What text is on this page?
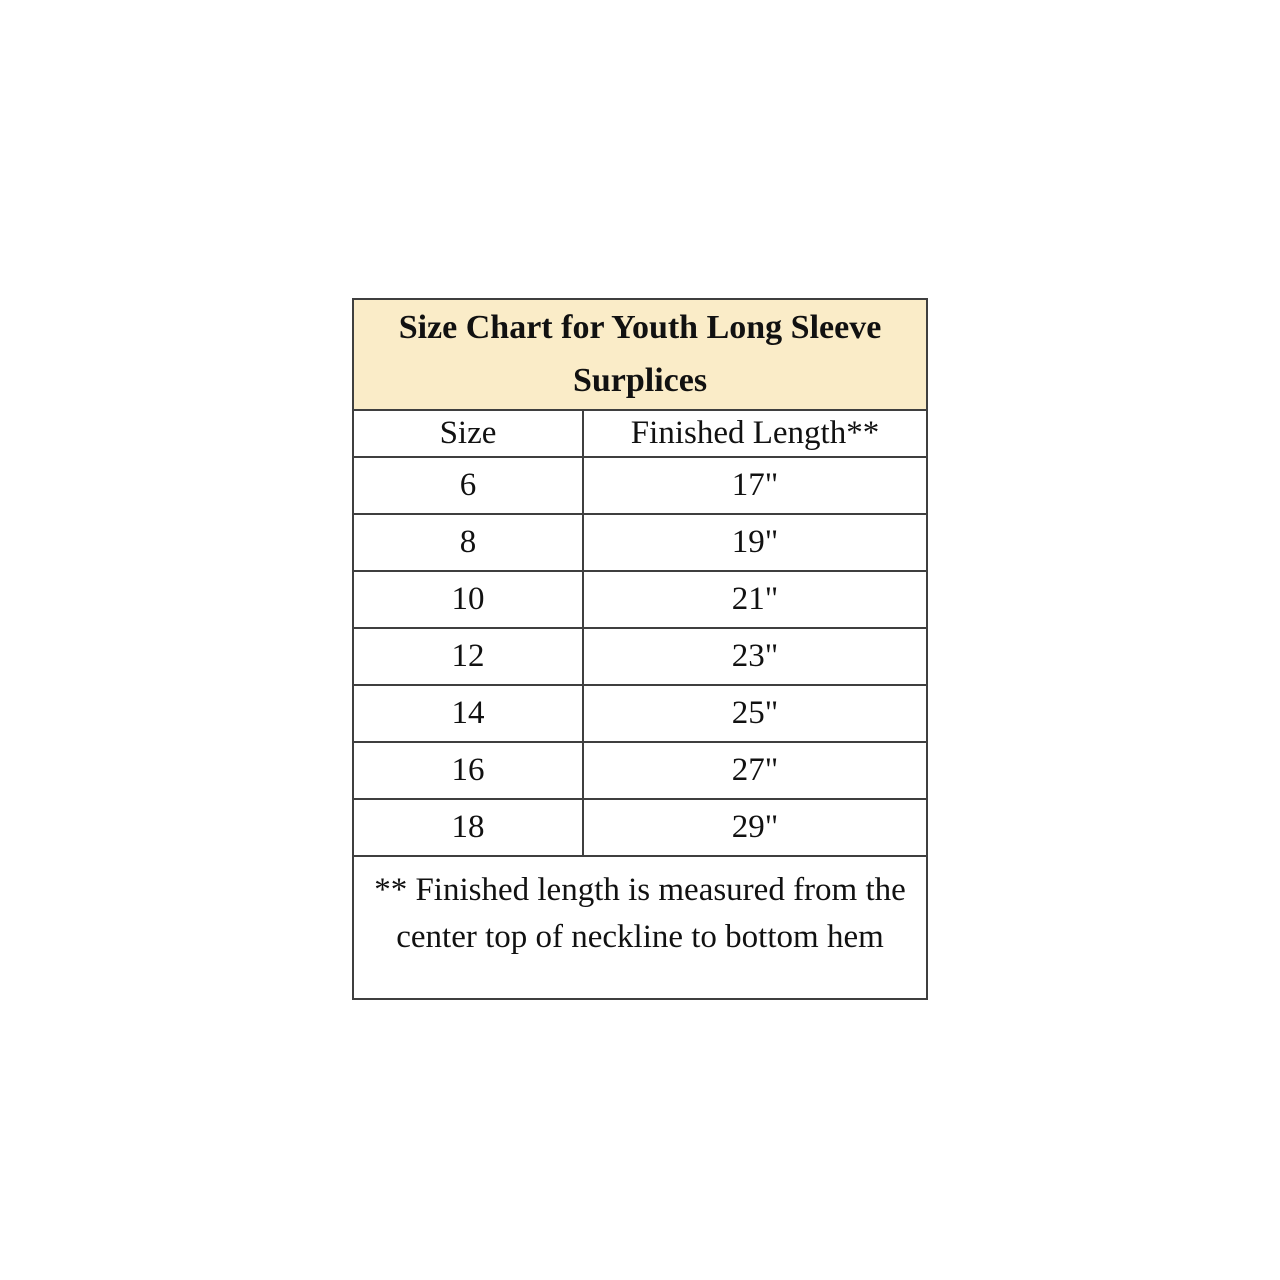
Size Chart for Youth Long Sleeve
Surplices	

Size	Finished Length**
6	17"
8	19"
10	21"
12	23"
14	25"
16	27"
18	29"

** Finished length is measured from the
center top of neckline to bottom hem	
